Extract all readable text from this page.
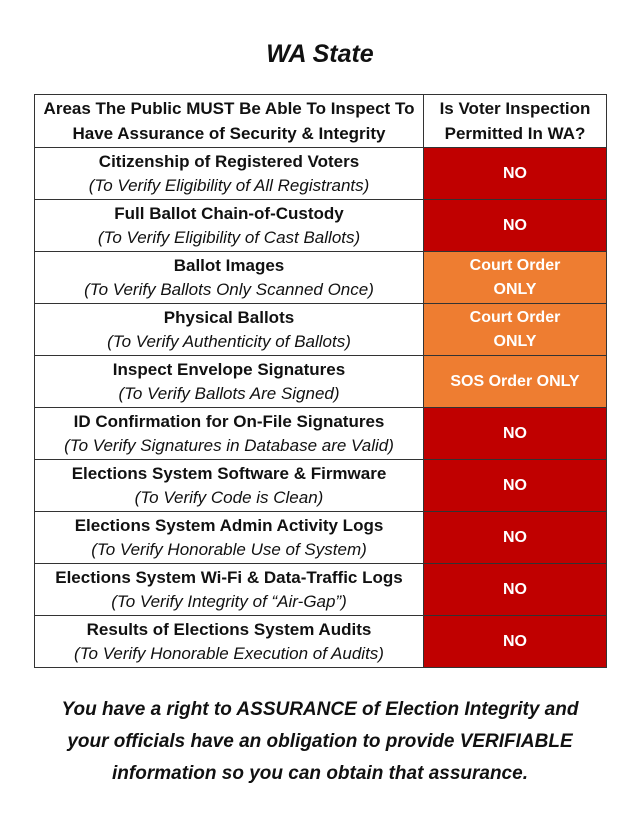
WA State
Areas The Public MUST Be Able To Inspect To Have Assurance of Security & Integrity	Is Voter Inspection Permitted In WA?

Citizenship of Registered Voters
(To Verify Eligibility of All Registrants)	NO

Full Ballot Chain-of-Custody
(To Verify Eligibility of Cast Ballots)	NO

Ballot Images
(To Verify Ballots Only Scanned Once)	Court Order ONLY

Physical Ballots
(To Verify Authenticity of Ballots)	Court Order ONLY

Inspect Envelope Signatures
(To Verify Ballots Are Signed)	SOS Order ONLY

ID Confirmation for On-File Signatures
(To Verify Signatures in Database are Valid)	NO

Elections System Software & Firmware
(To Verify Code is Clean)	NO

Elections System Admin Activity Logs
(To Verify Honorable Use of System)	NO

Elections System Wi-Fi & Data-Traffic Logs
(To Verify Integrity of “Air-Gap”)	NO

Results of Elections System Audits
(To Verify Honorable Execution of Audits)	NO
You have a right to ASSURANCE of Election Integrity and
your officials have an obligation to provide VERIFIABLE
information so you can obtain that assurance.
